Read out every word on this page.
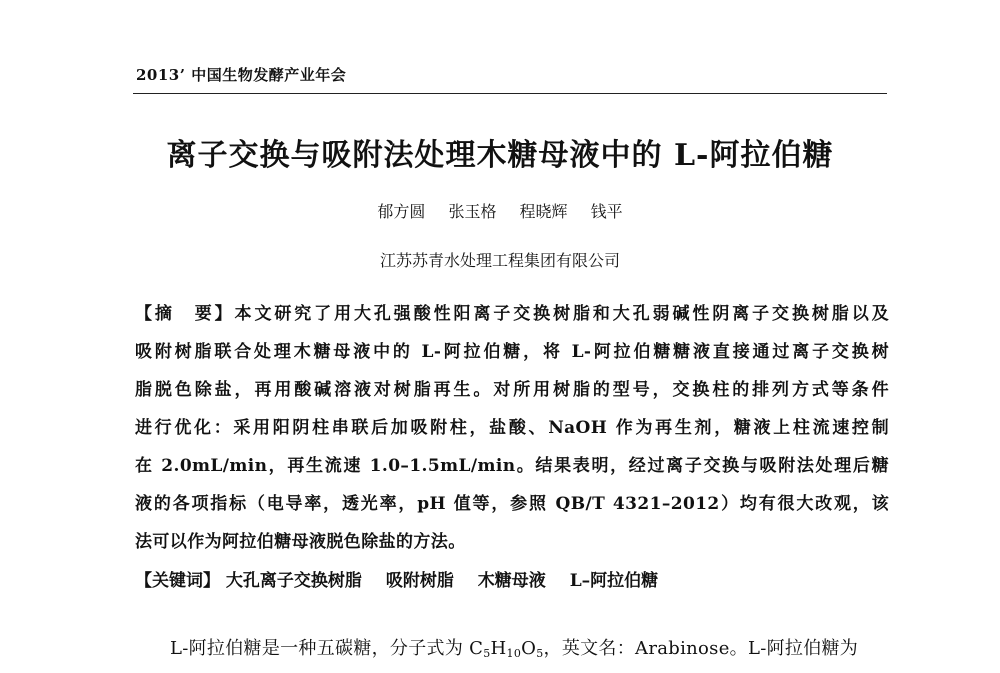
2013’ 中国生物发酵产业年会
离子交换与吸附法处理木糖母液中的 L-阿拉伯糖
郁方圆 张玉格 程晓辉 钱平
江苏苏青水处理工程集团有限公司
【摘　要】本文研究了用大孔强酸性阳离子交换树脂和大孔弱碱性阴离子交换树脂以及
吸附树脂联合处理木糖母液中的 L-阿拉伯糖，将 L-阿拉伯糖糖液直接通过离子交换树
脂脱色除盐，再用酸碱溶液对树脂再生。对所用树脂的型号，交换柱的排列方式等条件
进行优化：采用阳阴柱串联后加吸附柱，盐酸、NaOH 作为再生剂，糖液上柱流速控制
在 2.0mL/min，再生流速 1.0–1.5mL/min。结果表明，经过离子交换与吸附法处理后糖
液的各项指标（电导率，透光率，pH 值等，参照 QB/T 4321–2012）均有很大改观，该
法可以作为阿拉伯糖母液脱色除盐的方法。
【关键词】 大孔离子交换树脂 吸附树脂 木糖母液 L–阿拉伯糖
L-阿拉伯糖是一种五碳糖，分子式为 $C_5H_{10}O_5$，英文名：Arabinose。L-阿拉伯糖为
